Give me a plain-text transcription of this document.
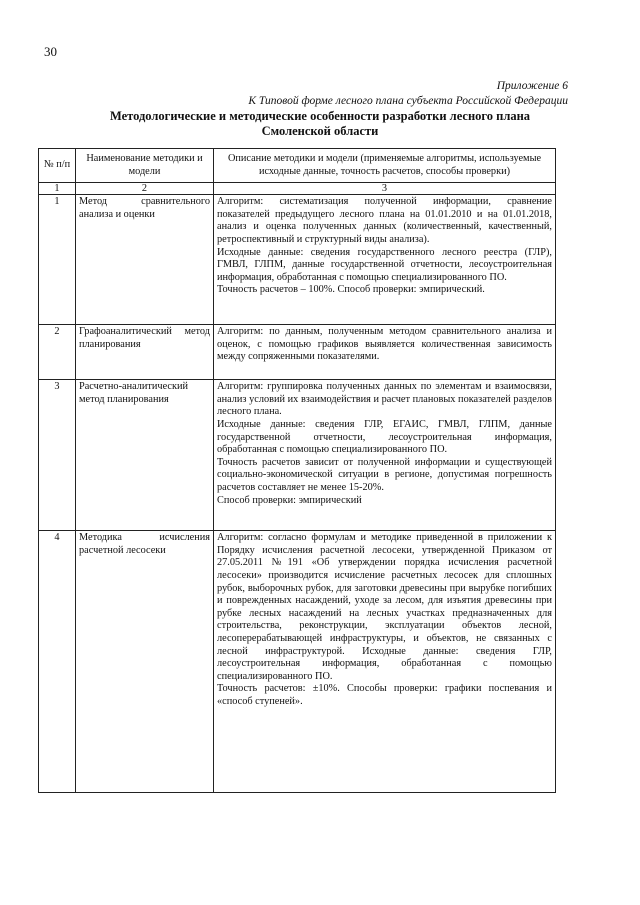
30
Приложение 6
К Типовой форме лесного плана субъекта Российской Федерации
Методологические и методические особенности разработки лесного плана
Смоленской области
№ п/п	Наименование методики и модели	Описание методики и модели (применяемые алгоритмы, используемые исходные данные, точность расчетов, способы проверки)
1	2	3
1	Метод сравнительного анализа и оценки	Алгоритм: систематизация полученной информации, сравнение показателей предыдущего лесного плана на 01.01.2010 и на 01.01.2018, анализ и оценка полученных данных (количественный, качественный, ретроспективный и структурный виды анализа).

Исходные данные: сведения государственного лесного реестра (ГЛР), ГМВЛ, ГЛПМ, данные государственной отчетности, лесоустроительная информация, обработанная с помощью специализированного ПО.

Точность расчетов – 100%. Способ проверки: эмпирический.

2	Графоаналитический метод планирования	Алгоритм: по данным, полученным методом сравнительного анализа и оценок, с помощью графиков выявляется количественная зависимость между сопряженными показателями.

3	Расчетно-аналитический метод планирования	Алгоритм: группировка полученных данных по элементам и взаимосвязи, анализ условий их взаимодействия и расчет плановых показателей разделов лесного плана.

Исходные данные: сведения ГЛР, ЕГАИС, ГМВЛ, ГЛПМ, данные государственной отчетности, лесоустроительная информация, обработанная с помощью специализированного ПО.

Точность расчетов зависит от полученной информации и существующей социально-экономической ситуации в регионе, допустимая погрешность расчетов составляет не менее 15-20%.

Способ проверки: эмпирический

4	Методика исчисления расчетной лесосеки	Алгоритм: согласно формулам и методике приведенной в приложении к Порядку исчисления расчетной лесосеки, утвержденной Приказом от 27.05.2011 №191 «Об утверждении порядка исчисления расчетной лесосеки» производится исчисление расчетных лесосек для сплошных рубок, выборочных рубок, для заготовки древесины при вырубке погибших и поврежденных насаждений, уходе за лесом, для изъятия древесины при рубке лесных насаждений на лесных участках предназначенных для строительства, реконструкции, эксплуатации объектов лесной, лесоперерабатывающей инфраструктуры, и объектов, не связанных с лесной инфраструктурой. Исходные данные: сведения ГЛР, лесоустроительная информация, обработанная с помощью специализированного ПО.

Точность расчетов: ±10%. Способы проверки: графики поспевания и «способ ступеней».
